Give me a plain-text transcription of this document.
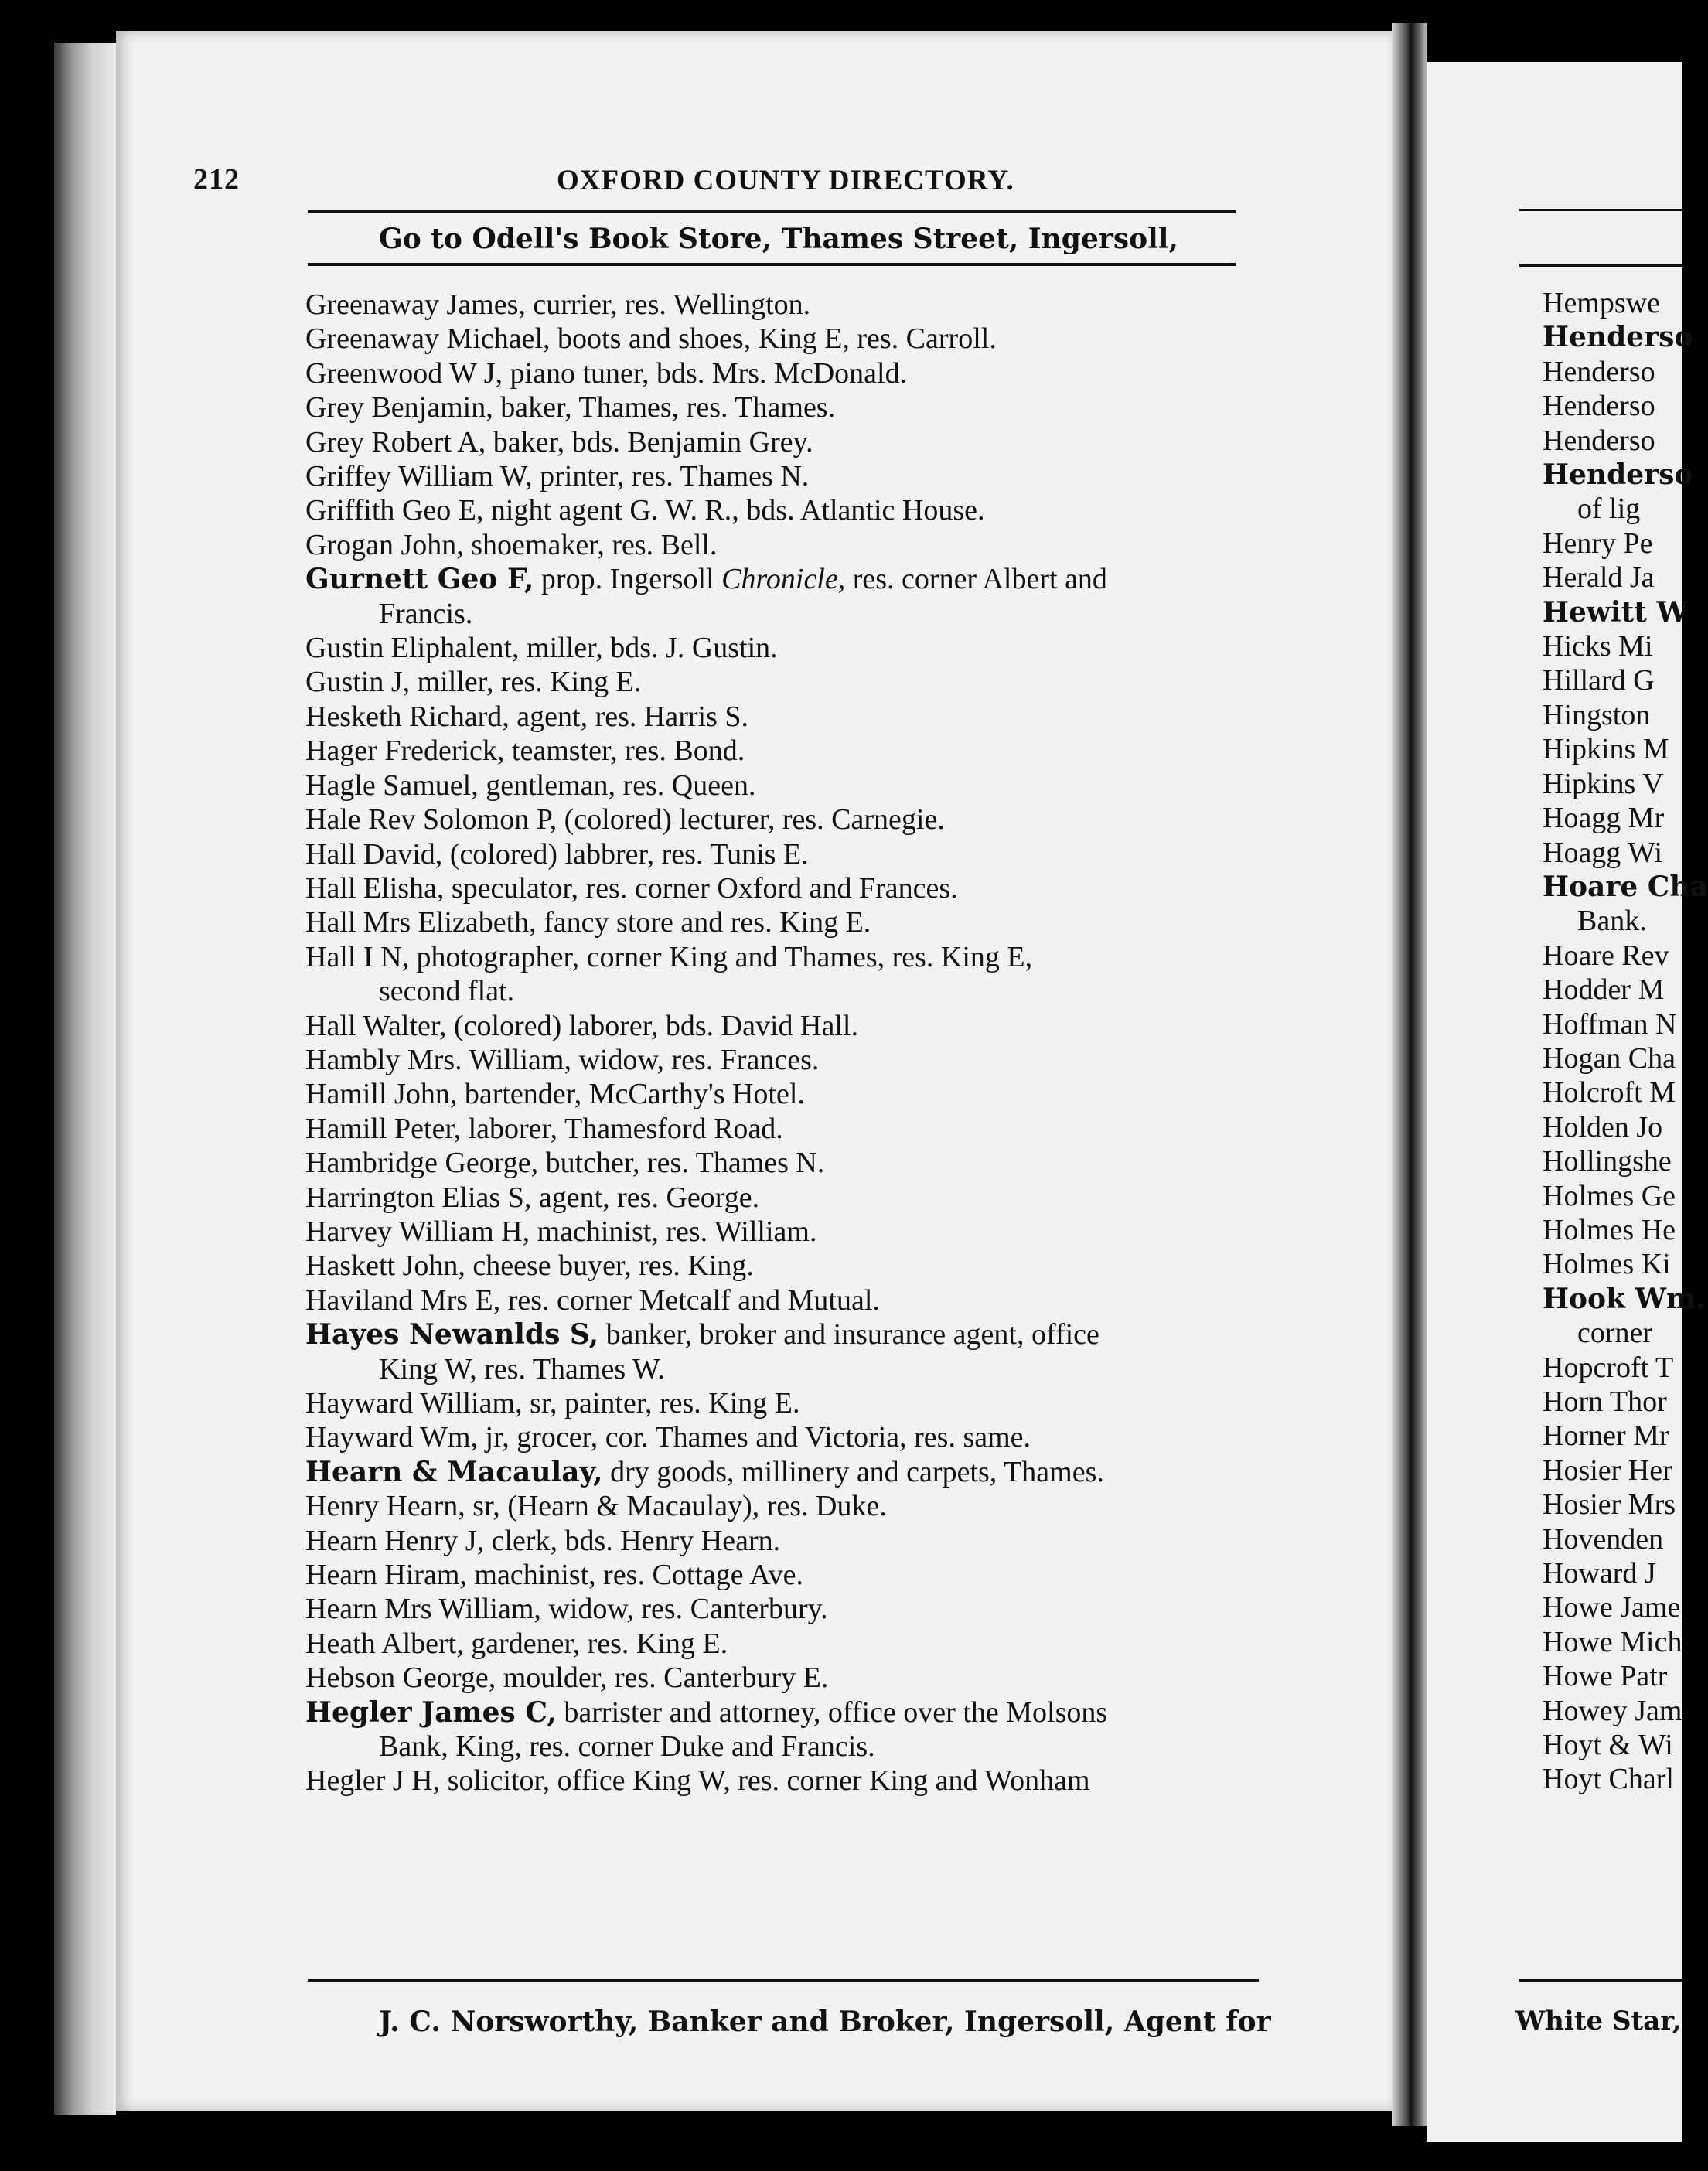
212	OXFORD COUNTY DIRECTORY.
Go to Odell's Book Store, Thames Street, Ingersoll,
Greenaway James, currier, res. Wellington.
Greenaway Michael, boots and shoes, King E, res. Carroll.
Greenwood W J, piano tuner, bds. Mrs. McDonald.
Grey Benjamin, baker, Thames, res. Thames.
Grey Robert A, baker, bds. Benjamin Grey.
Griffey William W, printer, res. Thames N.
Griffith Geo E, night agent G. W. R., bds. Atlantic House.
Grogan John, shoemaker, res. Bell.
Gurnett Geo F, prop. Ingersoll Chronicle, res. corner Albert and
Francis.
Gustin Eliphalent, miller, bds. J. Gustin.
Gustin J, miller, res. King E.
Hesketh Richard, agent, res. Harris S.
Hager Frederick, teamster, res. Bond.
Hagle Samuel, gentleman, res. Queen.
Hale Rev Solomon P, (colored) lecturer, res. Carnegie.
Hall David, (colored) labbrer, res. Tunis E.
Hall Elisha, speculator, res. corner Oxford and Frances.
Hall Mrs Elizabeth, fancy store and res. King E.
Hall I N, photographer, corner King and Thames, res. King E,
second flat.
Hall Walter, (colored) laborer, bds. David Hall.
Hambly Mrs. William, widow, res. Frances.
Hamill John, bartender, McCarthy's Hotel.
Hamill Peter, laborer, Thamesford Road.
Hambridge George, butcher, res. Thames N.
Harrington Elias S, agent, res. George.
Harvey William H, machinist, res. William.
Haskett John, cheese buyer, res. King.
Haviland Mrs E, res. corner Metcalf and Mutual.
Hayes Newanlds S, banker, broker and insurance agent, office
King W, res. Thames W.
Hayward William, sr, painter, res. King E.
Hayward Wm, jr, grocer, cor. Thames and Victoria, res. same.
Hearn & Macaulay, dry goods, millinery and carpets, Thames.
Henry Hearn, sr, (Hearn & Macaulay), res. Duke.
Hearn Henry J, clerk, bds. Henry Hearn.
Hearn Hiram, machinist, res. Cottage Ave.
Hearn Mrs William, widow, res. Canterbury.
Heath Albert, gardener, res. King E.
Hebson George, moulder, res. Canterbury E.
Hegler James C, barrister and attorney, office over the Molsons
Bank, King, res. corner Duke and Francis.
Hegler J H, solicitor, office King W, res. corner King and Wonham
J. C. Norsworthy, Banker and Broker, Ingersoll, Agent for
Hempswe
Henderso
Henderso
Henderso
Henderso
Henderso
of lig
Henry Pe
Herald Ja
Hewitt W
Hicks Mi
Hillard G
Hingston
Hipkins M
Hipkins V
Hoagg Mr
Hoagg Wi
Hoare Cha
Bank.
Hoare Rev
Hodder M
Hoffman N
Hogan Cha
Holcroft M
Holden Jo
Hollingshe
Holmes Ge
Holmes He
Holmes Ki
Hook Wm.
corner
Hopcroft T
Horn Thor
Horner Mr
Hosier Her
Hosier Mrs
Hovenden
Howard J
Howe Jame
Howe Mich
Howe Patr
Howey Jam
Hoyt & Wi
Hoyt Charl
White Star,
